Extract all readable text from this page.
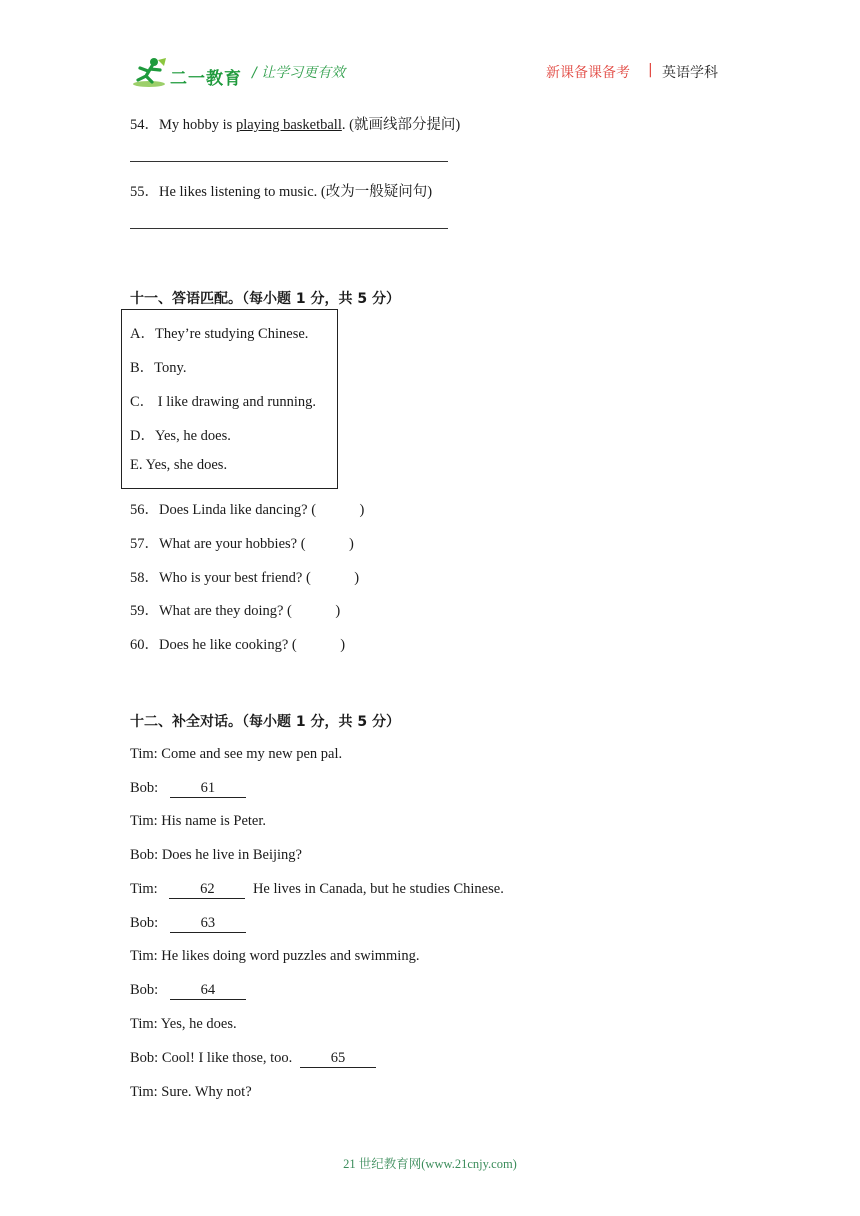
二一教育 / 让学习更有效	新课备课备考 | 英语学科
54．My hobby is playing basketball. (就画线部分提问)
55．He likes listening to music. (改为一般疑问句)
十一、答语匹配。（每小题 1 分，共 5 分）
A．They’re studying Chinese.
B．Tony.
C． I like drawing and running.
D．Yes, he does.
E. Yes, she does.
56．Does Linda like dancing? (            )
57．What are your hobbies? (            )
58．Who is your best friend? (            )
59．What are they doing? (            )
60．Does he like cooking? (            )
十二、补全对话。（每小题 1 分，共 5 分）
Tim: Come and see my new pen pal.
Bob:	61
Tim: His name is Peter.
Bob: Does he live in Beijing?
Tim:	62 He lives in Canada, but he studies Chinese.
Bob:	63
Tim: He likes doing word puzzles and swimming.
Bob:	64
Tim: Yes, he does.
Bob: Cool! I like those, too. 65
Tim: Sure. Why not?
21 世纪教育网(www.21cnjy.com)
